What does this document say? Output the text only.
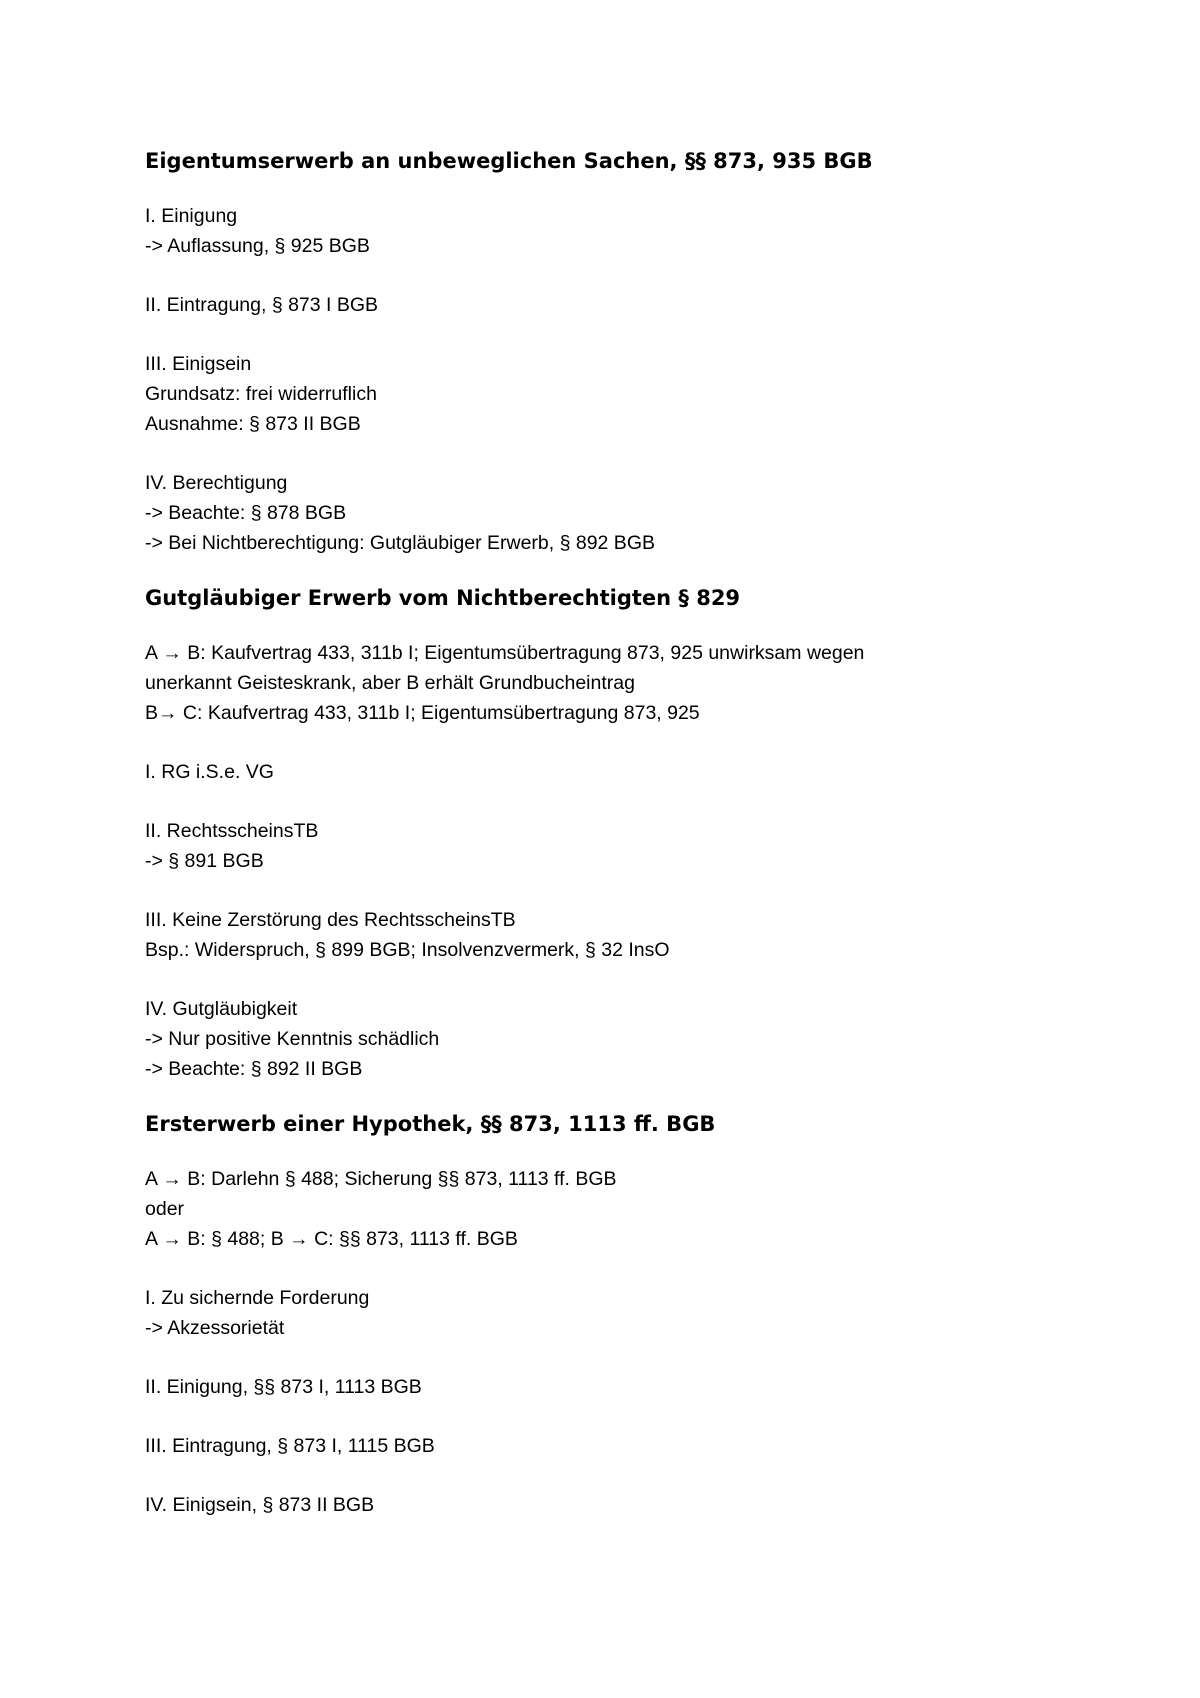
Eigentumserwerb an unbeweglichen Sachen, §§ 873, 935 BGB
I. Einigung
-> Auflassung, § 925 BGB
II. Eintragung, § 873 I BGB
III. Einigsein
Grundsatz: frei widerruflich
Ausnahme: § 873 II BGB
IV. Berechtigung
-> Beachte: § 878 BGB
-> Bei Nichtberechtigung: Gutgläubiger Erwerb, § 892 BGB
Gutgläubiger Erwerb vom Nichtberechtigten § 829
A → B: Kaufvertrag 433, 311b I; Eigentumsübertragung 873, 925 unwirksam wegen
unerkannt Geisteskrank, aber B erhält Grundbucheintrag
B→ C: Kaufvertrag 433, 311b I; Eigentumsübertragung 873, 925
I. RG i.S.e. VG
II. RechtsscheinsTB
-> § 891 BGB
III. Keine Zerstörung des RechtsscheinsTB
Bsp.: Widerspruch, § 899 BGB; Insolvenzvermerk, § 32 InsO
IV. Gutgläubigkeit
-> Nur positive Kenntnis schädlich
-> Beachte: § 892 II BGB
Ersterwerb einer Hypothek, §§ 873, 1113 ff. BGB
A → B: Darlehn § 488; Sicherung §§ 873, 1113 ff. BGB
oder
A → B: § 488; B → C: §§ 873, 1113 ff. BGB
I. Zu sichernde Forderung
-> Akzessorietät
II. Einigung, §§ 873 I, 1113 BGB
III. Eintragung, § 873 I, 1115 BGB
IV. Einigsein, § 873 II BGB
